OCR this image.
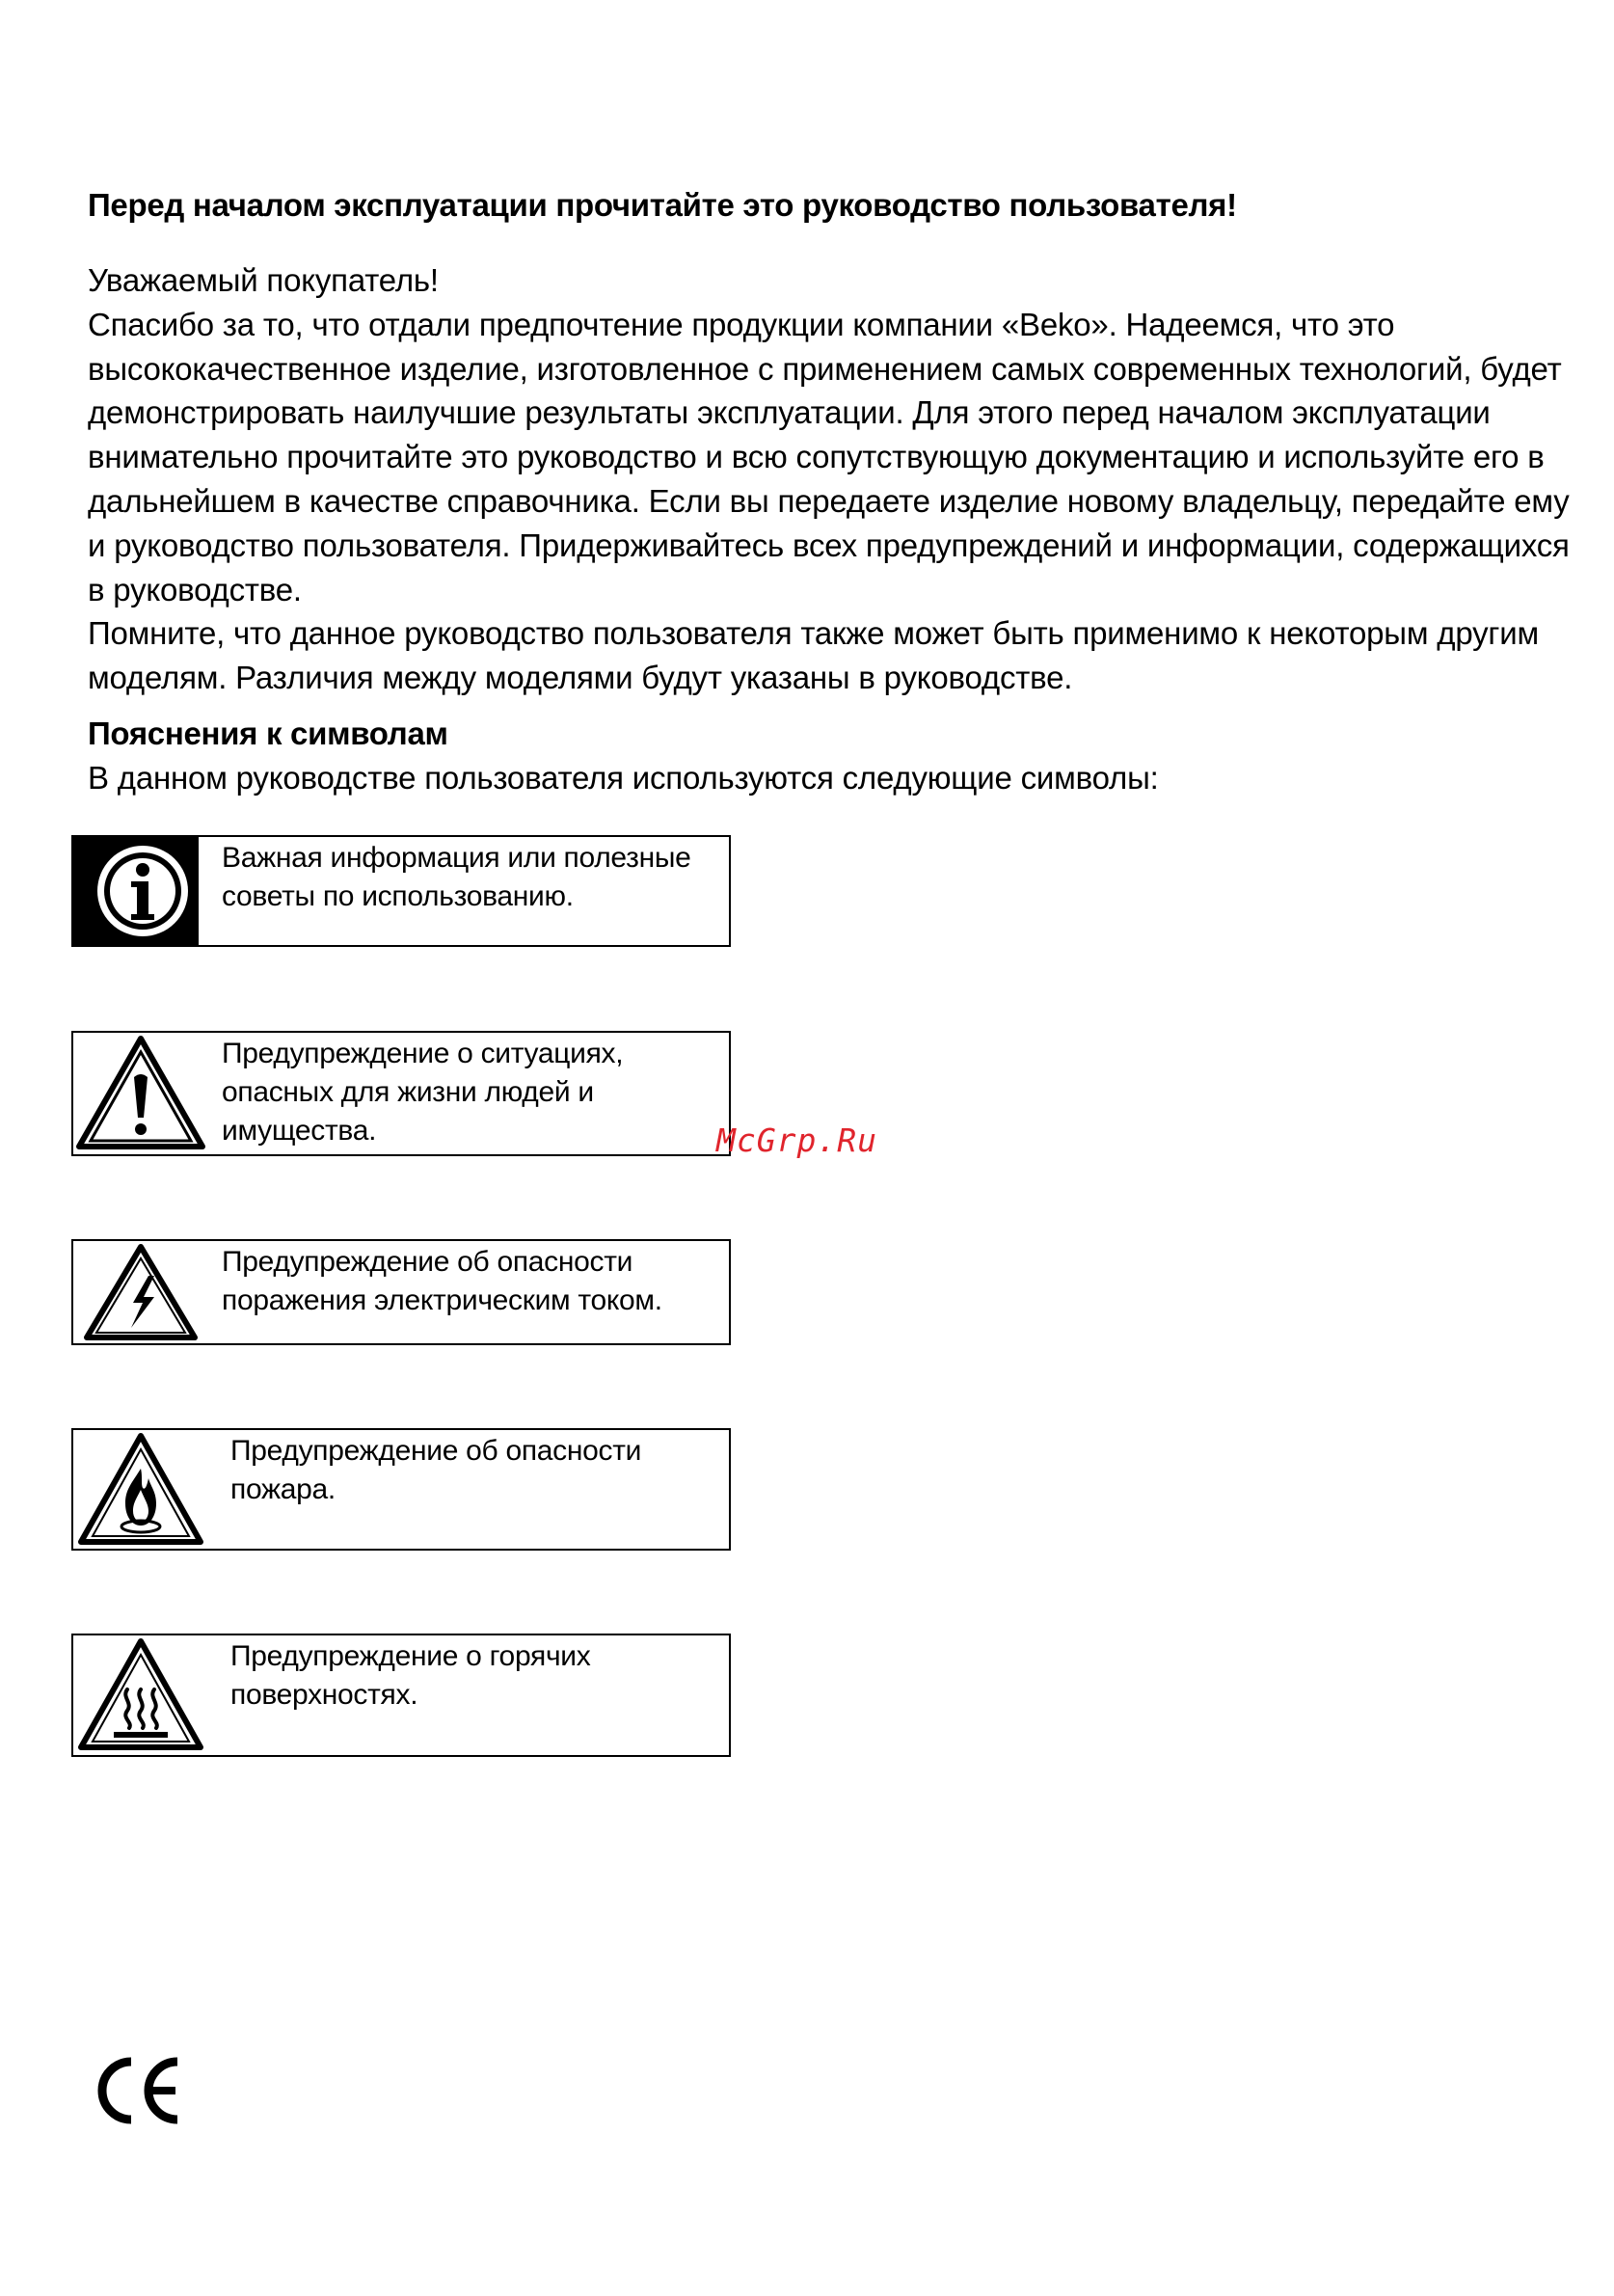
Перед началом эксплуатации прочитайте это руководство пользователя!

Уважаемый покупатель!

Спасибо за то, что отдали предпочтение продукции компании «Beko». Надеемся, что это высококачественное изделие, изготовленное с применением самых современных технологий, будет демонстрировать наилучшие результаты эксплуатации. Для этого перед началом эксплуатации внимательно прочитайте это руководство и всю сопутствующую документацию и используйте его в дальнейшем в качестве справочника. Если вы передаете изделие новому владельцу, передайте ему и руководство пользователя. Придерживайтесь всех предупреждений и информации, содержащихся в руководстве.

Помните, что данное руководство пользователя также может быть применимо к некоторым другим моделям. Различия между моделями будут указаны в руководстве.

Пояснения к символам
В данном руководстве пользователя используются следующие символы:
Важная информация или полезные советы по использованию.
Предупреждение о ситуациях, опасных для жизни людей и имущества.
Предупреждение об опасности поражения электрическим током.
Предупреждение об опасности пожара.
Предупреждение о горячих поверхностях.
McGrp.Ru
